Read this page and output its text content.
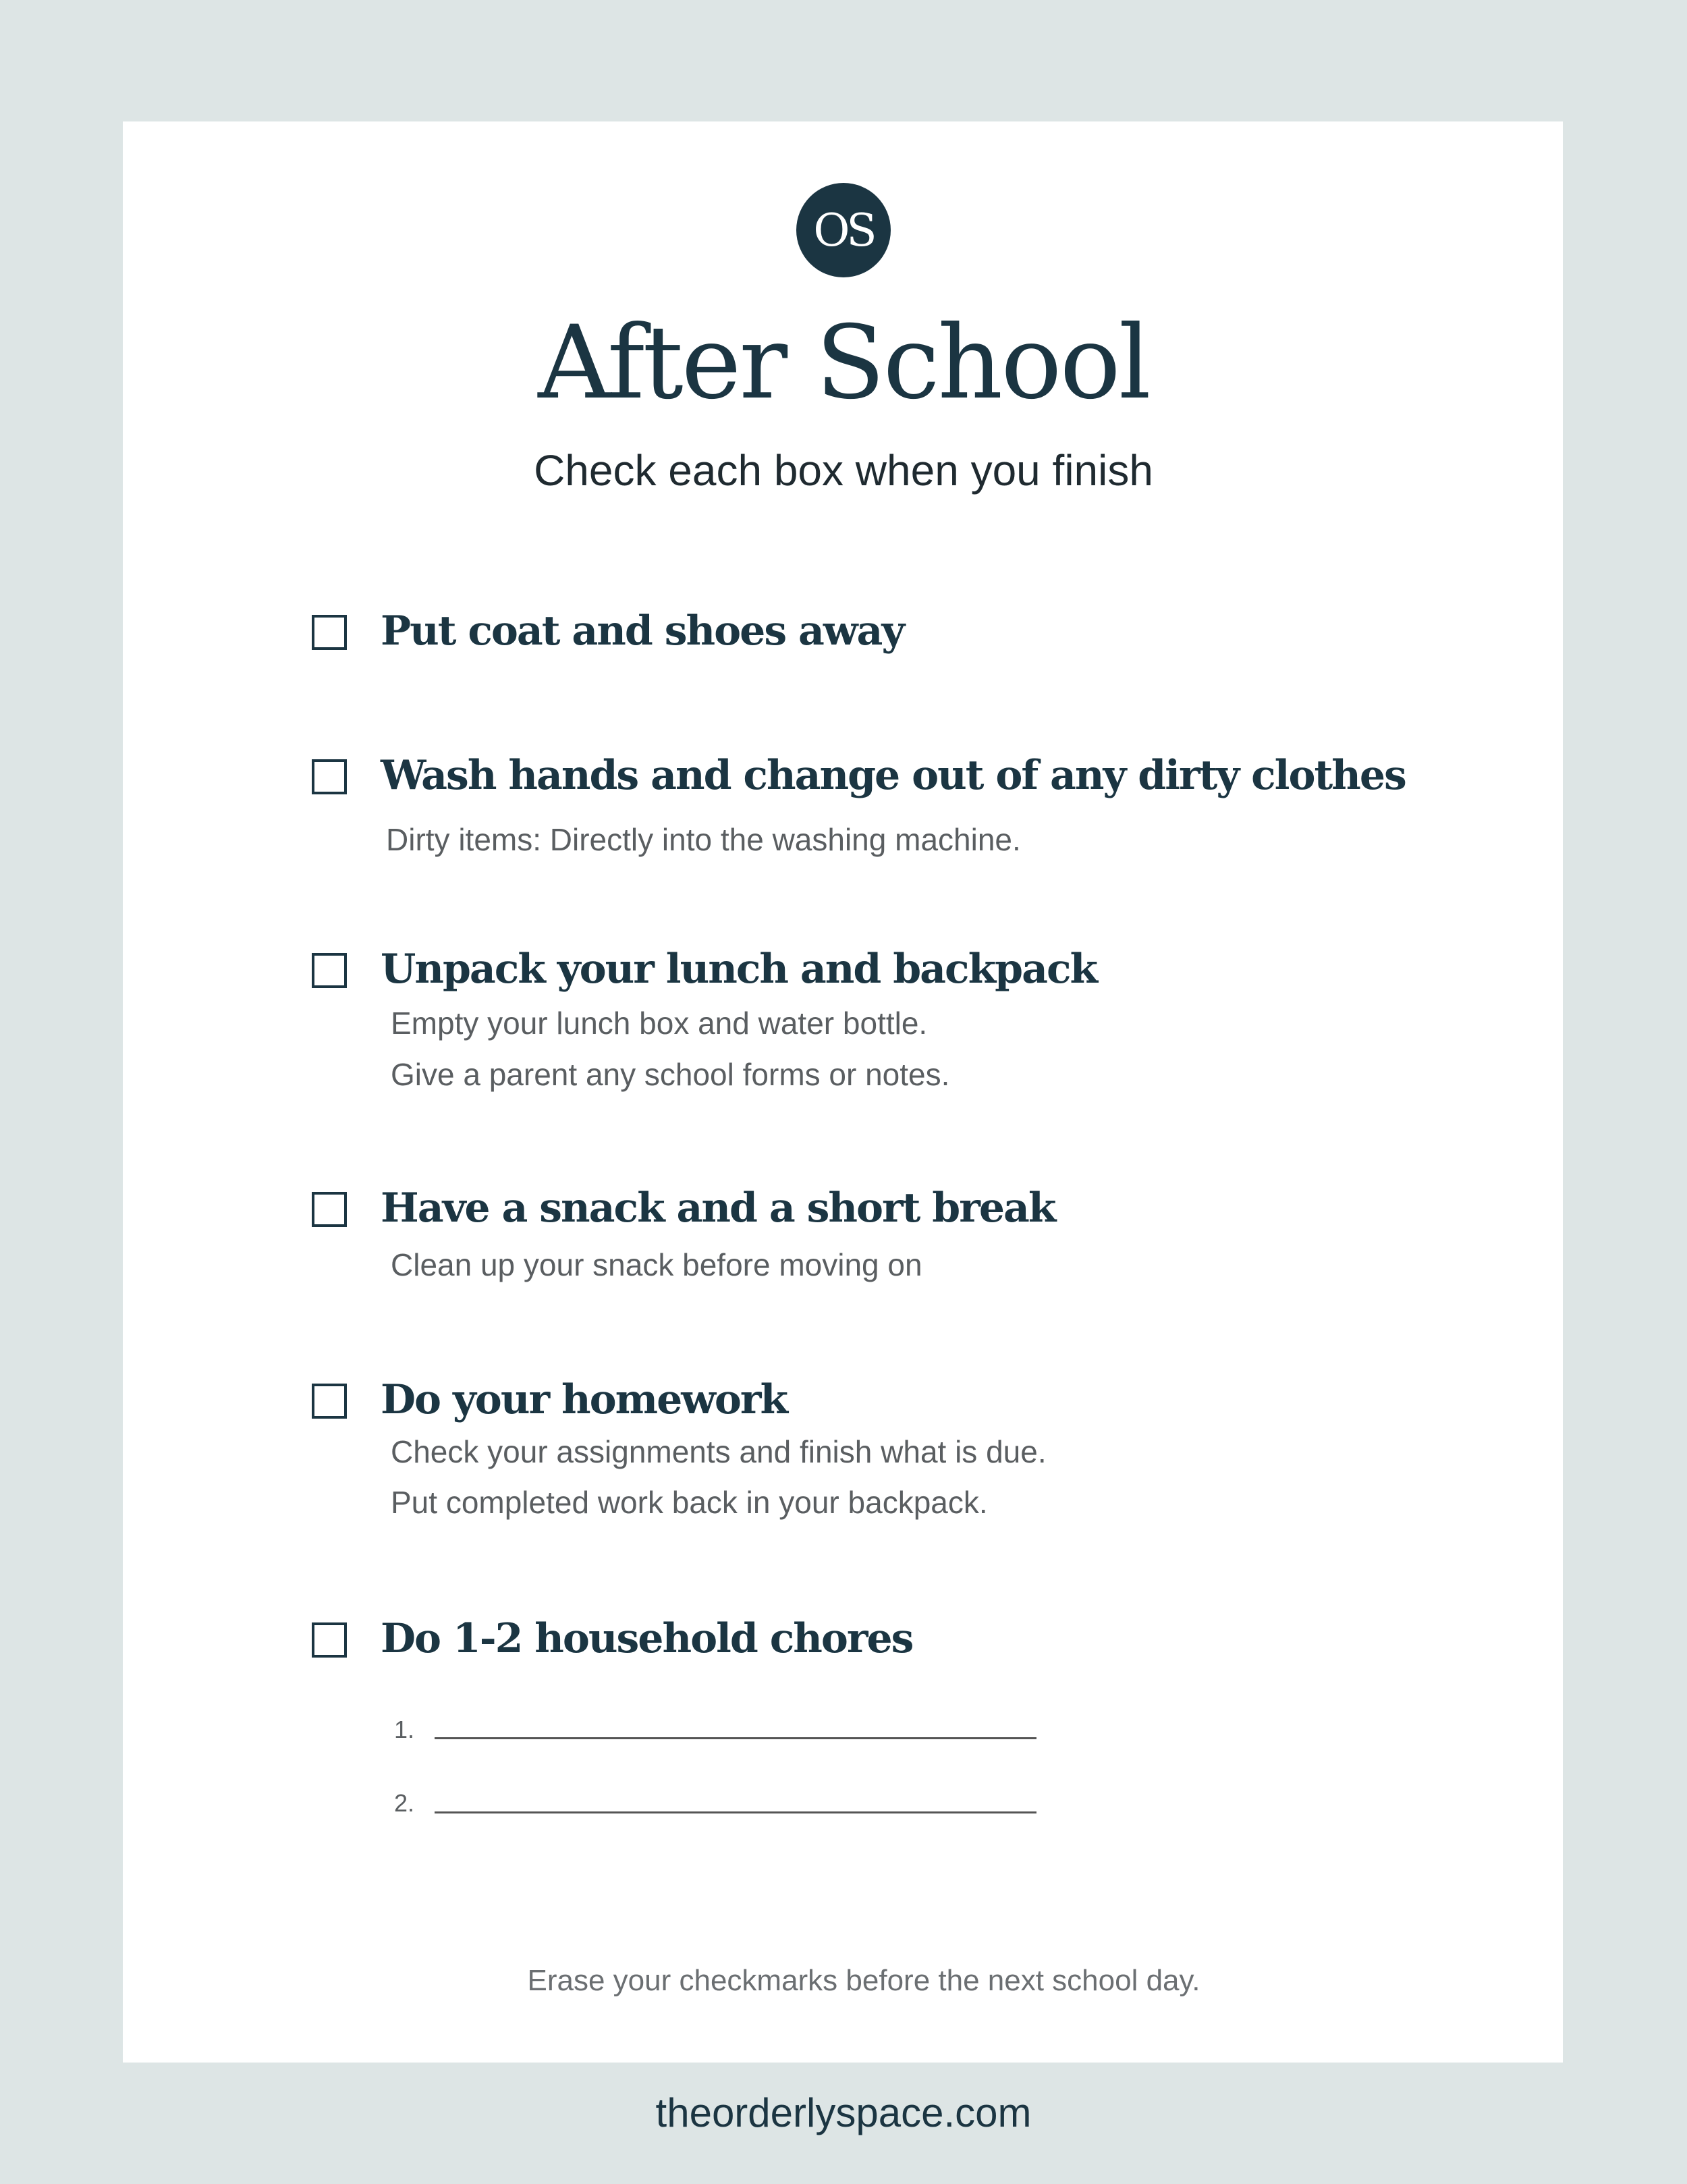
OS
After School
Check each box when you finish
Put coat and shoes away
Wash hands and change out of any dirty clothes
Dirty items: Directly into the washing machine.
Unpack your lunch and backpack
Empty your lunch box and water bottle.
Give a parent any school forms or notes.
Have a snack and a short break
Clean up your snack before moving on
Do your homework
Check your assignments and finish what is due.
Put completed work back in your backpack.
Do 1-2 household chores
1.
2.
Erase your checkmarks before the next school day.
theorderlyspace.com
